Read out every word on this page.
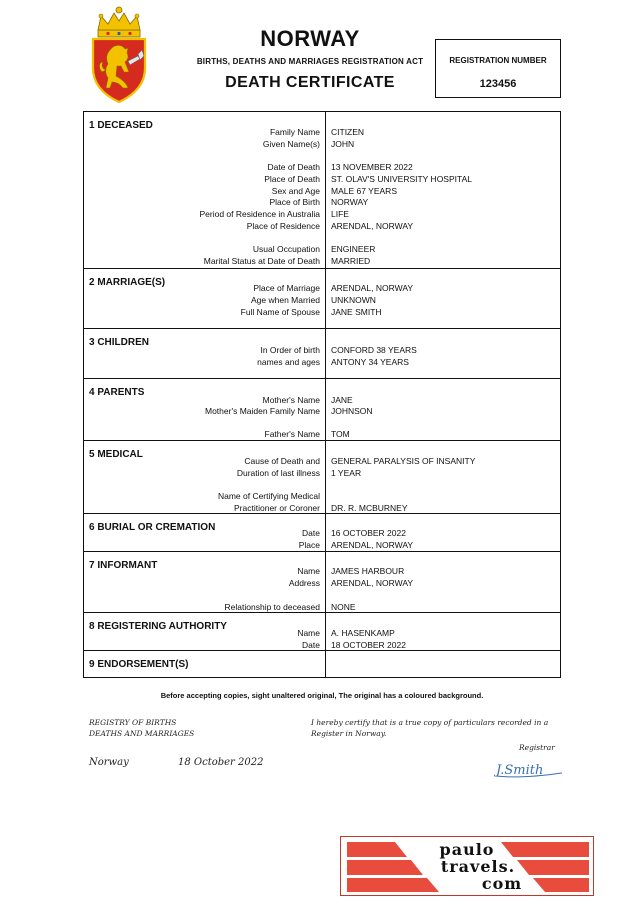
NORWAY
BIRTHS, DEATHS AND MARRIAGES REGISTRATION ACT
DEATH CERTIFICATE
REGISTRATION NUMBER
123456
1 DECEASED
Family Name CITIZEN
Given Name(s) JOHN
Date of Death 13 NOVEMBER 2022
Place of Death ST. OLAV'S UNIVERSITY HOSPITAL
Sex and Age MALE 67 YEARS
Place of Birth NORWAY
Period of Residence in Australia LIFE
Place of Residence ARENDAL, NORWAY
Usual Occupation ENGINEER
Marital Status at Date of Death MARRIED
2 MARRIAGE(S)	Place of Marriage ARENDAL, NORWAY
Age when Married UNKNOWN
Full Name of Spouse JANE SMITH
3 CHILDREN
In Order of birth CONFORD 38 YEARS
names and ages ANTONY 34 YEARS
4 PARENTS
Mother's Name JANE
Mother's Maiden Family Name JOHNSON
Father's Name TOM
5 MEDICAL
Cause of Death and GENERAL PARALYSIS OF INSANITY
Duration of last illness 1 YEAR
Name of Certifying Medical
Practitioner or Coroner DR. R. MCBURNEY
6 BURIAL OR CREMATION	Date 16 OCTOBER 2022
Place ARENDAL, NORWAY
7 INFORMANT	Name JAMES HARBOUR
Address ARENDAL, NORWAY
Relationship to deceased NONE
8 REGISTERING AUTHORITY
Name A. HASENKAMP
Date 18 OCTOBER 2022
9 ENDORSEMENT(S)
Before accepting copies, sight unaltered original, The original has a coloured background.
REGISTRY OF BIRTHS
DEATHS AND MARRIAGES
I hereby certify that is a true copy of particulars recorded in a
Register in Norway.
Registrar
Norway	18 October 2022
J.Smith
paulo
travels.
com
